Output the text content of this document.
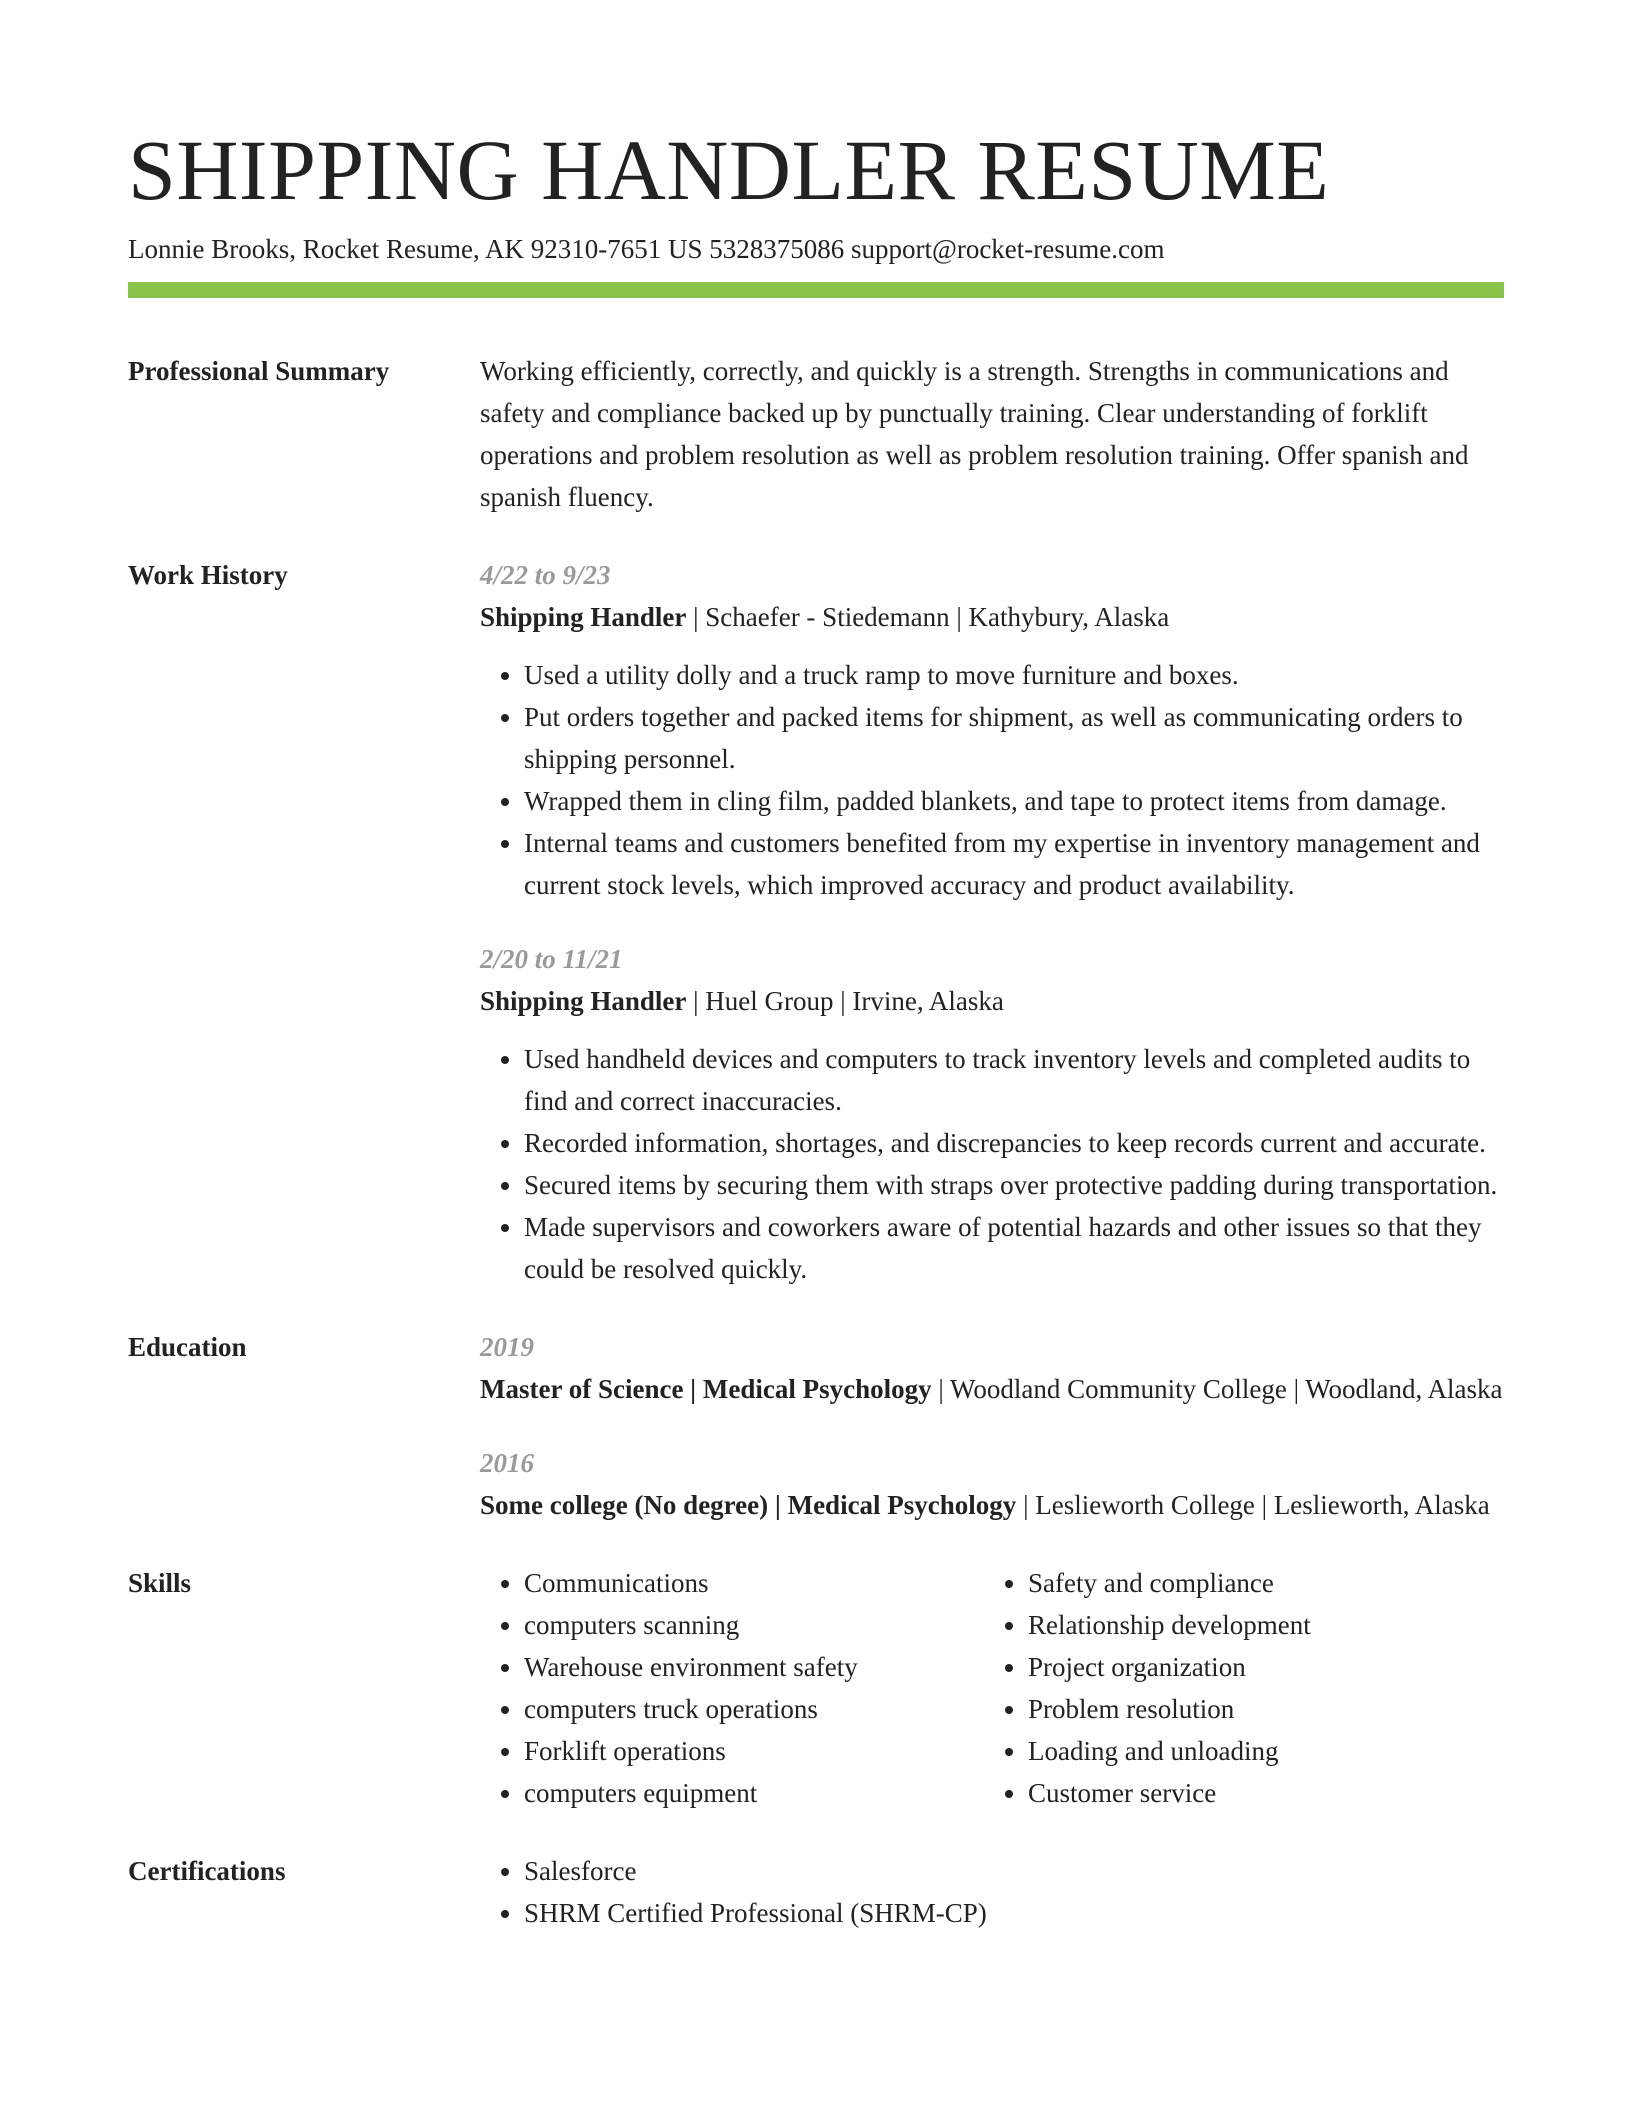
SHIPPING HANDLER RESUME
Lonnie Brooks, Rocket Resume, AK 92310-7651 US 5328375086 support@rocket-resume.com
Professional Summary	Working efficiently, correctly, and quickly is a strength. Strengths in communications and safety and compliance backed up by punctually training. Clear understanding of forklift operations and problem resolution as well as problem resolution training. Offer spanish and spanish fluency.

Work History	4/22 to 9/23
Shipping Handler | Schaefer - Stiedemann | Kathybury, Alaska
• Used a utility dolly and a truck ramp to move furniture and boxes.
• Put orders together and packed items for shipment, as well as communicating orders to shipping personnel.
• Wrapped them in cling film, padded blankets, and tape to protect items from damage.
• Internal teams and customers benefited from my expertise in inventory management and current stock levels, which improved accuracy and product availability.
2/20 to 11/21
Shipping Handler | Huel Group | Irvine, Alaska
• Used handheld devices and computers to track inventory levels and completed audits to find and correct inaccuracies.
• Recorded information, shortages, and discrepancies to keep records current and accurate.
• Secured items by securing them with straps over protective padding during transportation.
• Made supervisors and coworkers aware of potential hazards and other issues so that they could be resolved quickly.
Education	2019
Master of Science | Medical Psychology | Woodland Community College | Woodland, Alaska
2016
Some college (No degree) | Medical Psychology | Leslieworth College | Leslieworth, Alaska
Skills	• Communications
• computers scanning
• Warehouse environment safety
• computers truck operations
• Forklift operations
• computers equipment
• Safety and compliance
• Relationship development
• Project organization
• Problem resolution
• Loading and unloading
• Customer service
Certifications	• Salesforce
• SHRM Certified Professional (SHRM-CP)
